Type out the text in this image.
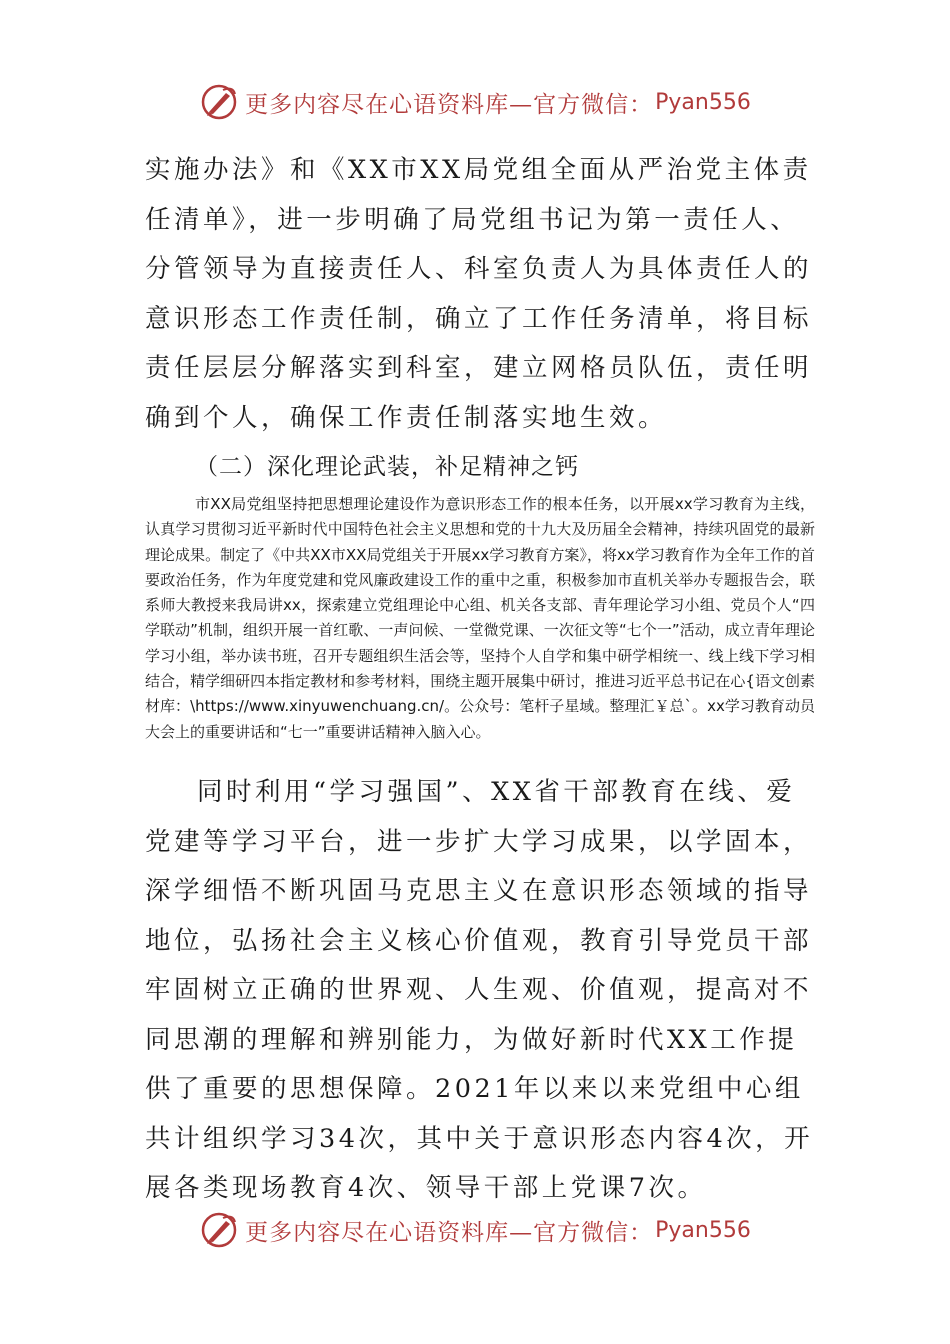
更多内容尽在心语资料库—官方微信： Pyan556

实施办法》和《XX市XX局党组全面从严治党主体责任清单》，进一步明确了局党组书记为第一责任人、分管领导为直接责任人、科室负责人为具体责任人的意识形态工作责任制，确立了工作任务清单，将目标责任层层分解落实到科室，建立网格员队伍，责任明确到个人，确保工作责任制落实地生效。

（二）深化理论武装，补足精神之钙

市XX局党组坚持把思想理论建设作为意识形态工作的根本任务，以开展xx学习教育为主线，认真学习贯彻习近平新时代中国特色社会主义思想和党的十九大及历届全会精神，持续巩固党的最新理论成果。制定了《中共XX市XX局党组关于开展xx学习教育方案》，将xx学习教育作为全年工作的首要政治任务，作为年度党建和党风廉政建设工作的重中之重，积极参加市直机关举办专题报告会，联系师大教授来我局讲xx，探索建立党组理论中心组、机关各支部、青年理论学习小组、党员个人“四学联动”机制，组织开展一首红歌、一声问候、一堂微党课、一次征文等“七个一”活动，成立青年理论学习小组，举办读书班，召开专题组织生活会等，坚持个人自学和集中研学相统一、线上线下学习相结合，精学细研四本指定教材和参考材料，围绕主题开展集中研讨，推进习近平总书记在心{语文创素材库：\https://www.xinyuwenchuang.cn/。公众号：笔杆子星域。整理汇￥总`。xx学习教育动员大会上的重要讲话和“七一”重要讲话精神入脑入心。

同时利用“学习强国”、XX省干部教育在线、爱党建等学习平台，进一步扩大学习成果，以学固本，深学细悟不断巩固马克思主义在意识形态领域的指导地位，弘扬社会主义核心价值观，教育引导党员干部牢固树立正确的世界观、人生观、价值观，提高对不同思潮的理解和辨别能力，为做好新时代XX工作提供了重要的思想保障。2021年以来以来党组中心组共计组织学习34次，其中关于意识形态内容4次，开展各类现场教育4次、领导干部上党课7次。

更多内容尽在心语资料库—官方微信： Pyan556
